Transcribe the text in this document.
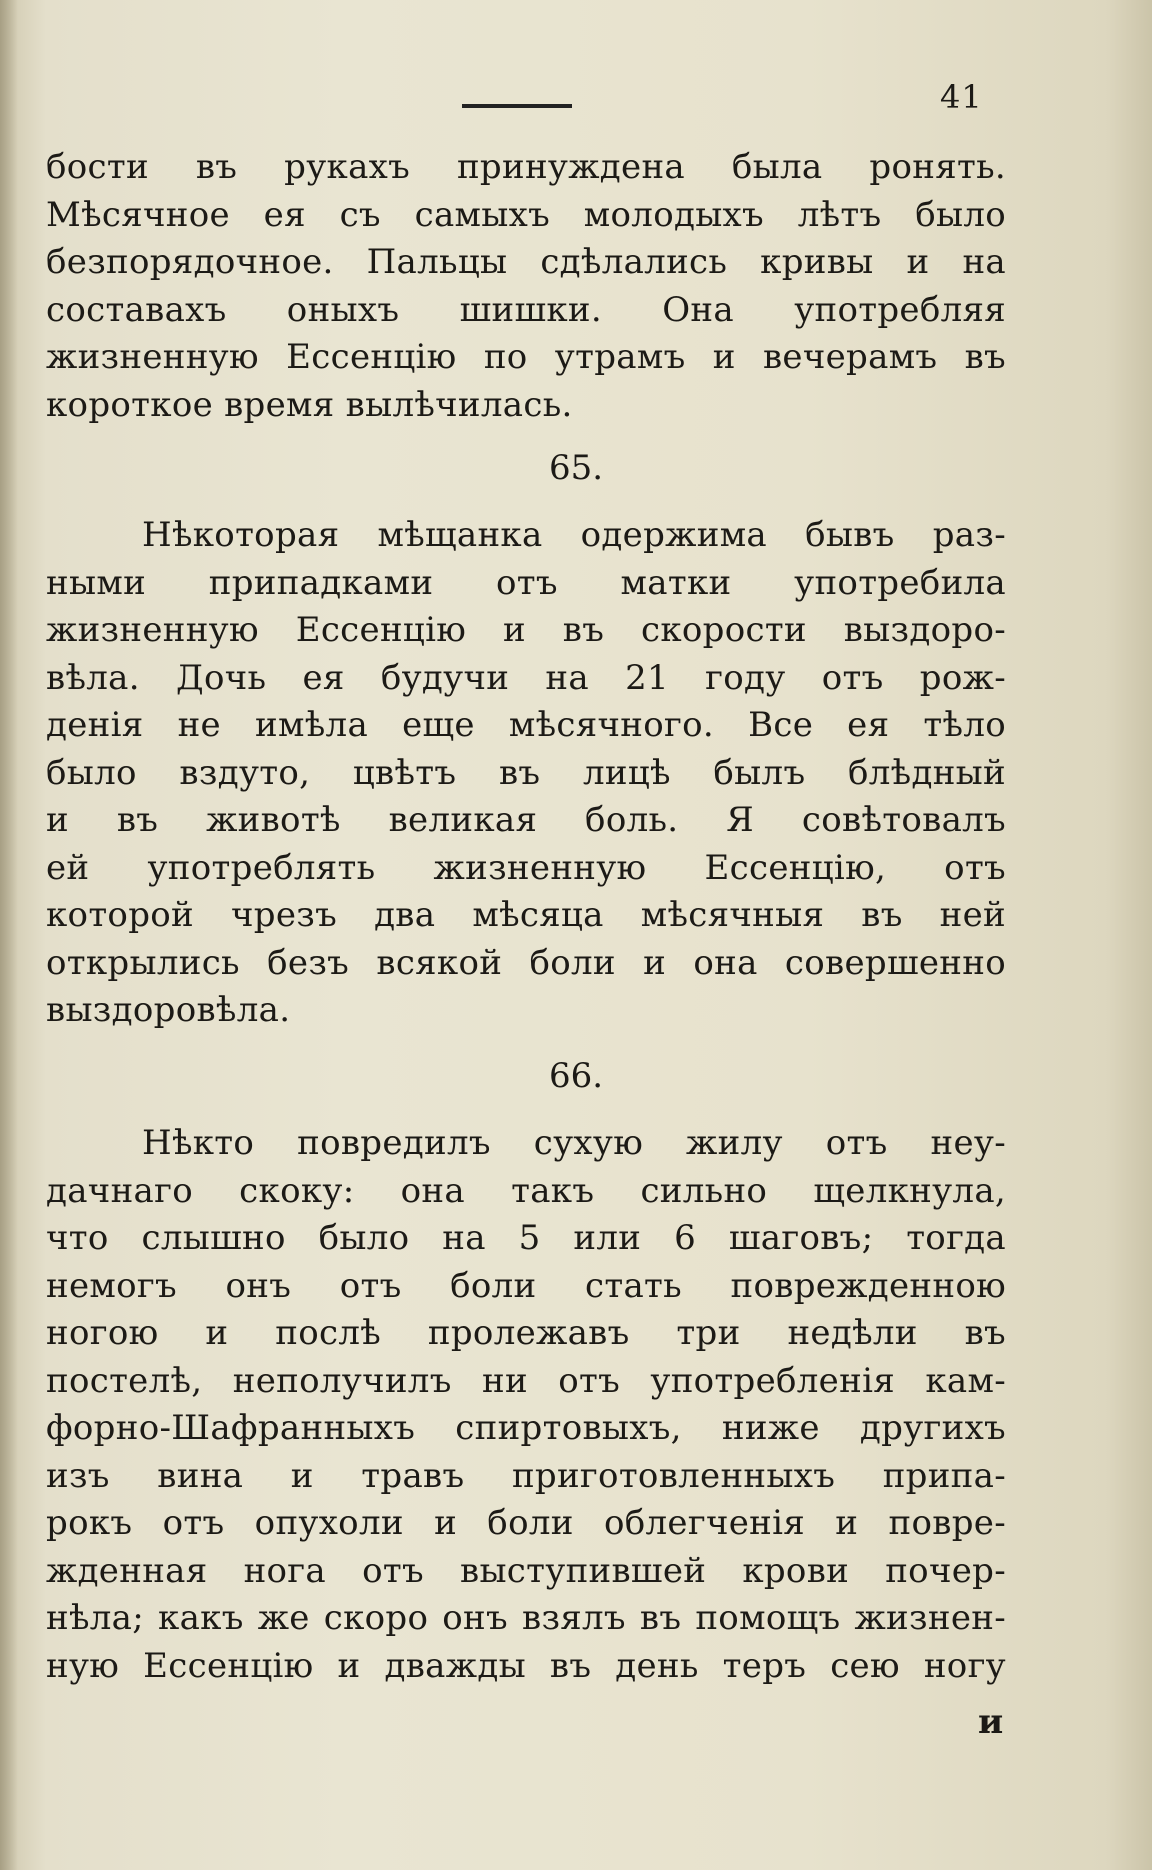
41
бости въ рукахъ принуждена была ронять.
Мѣсячное ея съ самыхъ молодыхъ лѣтъ было
безпорядочное. Пальцы сдѣлались кривы и на
составахъ оныхъ шишки. Она употребляя
жизненную Ессенцію по утрамъ и вечерамъ въ
короткое время вылѣчилась.
65.
Нѣкоторая мѣщанка одержима бывъ раз-
ными припадками отъ матки употребила
жизненную Ессенцію и въ скорости выздоро-
вѣла. Дочь ея будучи на 21 году отъ рож-
денія не имѣла еще мѣсячного. Все ея тѣло
было вздуто, цвѣтъ въ лицѣ былъ блѣдный
и въ животѣ великая боль. Я совѣтовалъ
ей употреблять жизненную Ессенцію, отъ
которой чрезъ два мѣсяца мѣсячныя въ ней
открылись безъ всякой боли и она совершенно
выздоровѣла.
66.
Нѣкто повредилъ сухую жилу отъ неу-
дачнаго скоку: она такъ сильно щелкнула,
что слышно было на 5 или 6 шаговъ; тогда
немогъ онъ отъ боли стать поврежденною
ногою и послѣ пролежавъ три недѣли въ
постелѣ, неполучилъ ни отъ употребленія кам-
форно-Шафранныхъ спиртовыхъ, ниже другихъ
изъ вина и травъ приготовленныхъ припа-
рокъ отъ опухоли и боли облегченія и повре-
жденная нога отъ выступившей крови почер-
нѣла; какъ же скоро онъ взялъ въ помощъ жизнен-
ную Ессенцію и дважды въ день теръ сею ногу
и
